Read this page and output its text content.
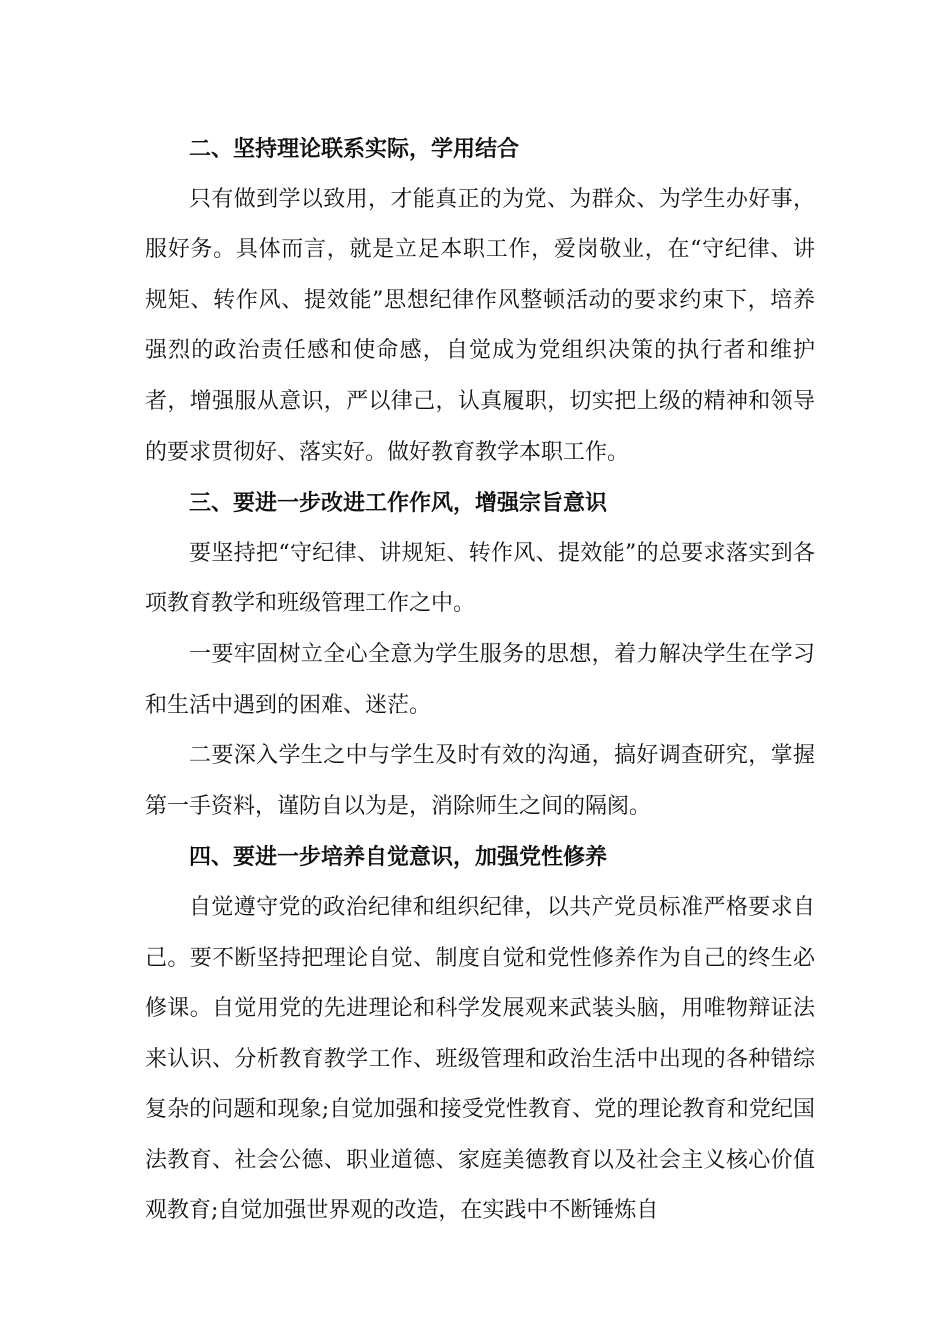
二、坚持理论联系实际，学用结合

只有做到学以致用，才能真正的为党、为群众、为学生办好事，服好务。具体而言，就是立足本职工作，爱岗敬业，在“守纪律、讲规矩、转作风、提效能”思想纪律作风整顿活动的要求约束下，培养强烈的政治责任感和使命感，自觉成为党组织决策的执行者和维护者，增强服从意识，严以律己，认真履职，切实把上级的精神和领导的要求贯彻好、落实好。做好教育教学本职工作。

三、要进一步改进工作作风，增强宗旨意识

要坚持把“守纪律、讲规矩、转作风、提效能”的总要求落实到各项教育教学和班级管理工作之中。

一要牢固树立全心全意为学生服务的思想，着力解决学生在学习和生活中遇到的困难、迷茫。

二要深入学生之中与学生及时有效的沟通，搞好调查研究，掌握第一手资料，谨防自以为是，消除师生之间的隔阂。

四、要进一步培养自觉意识，加强党性修养

自觉遵守党的政治纪律和组织纪律，以共产党员标准严格要求自己。要不断坚持把理论自觉、制度自觉和党性修养作为自己的终生必修课。自觉用党的先进理论和科学发展观来武装头脑，用唯物辩证法来认识、分析教育教学工作、班级管理和政治生活中出现的各种错综复杂的问题和现象;自觉加强和接受党性教育、党的理论教育和党纪国法教育、社会公德、职业道德、家庭美德教育以及社会主义核心价值观教育;自觉加强世界观的改造，在实践中不断锤炼自
